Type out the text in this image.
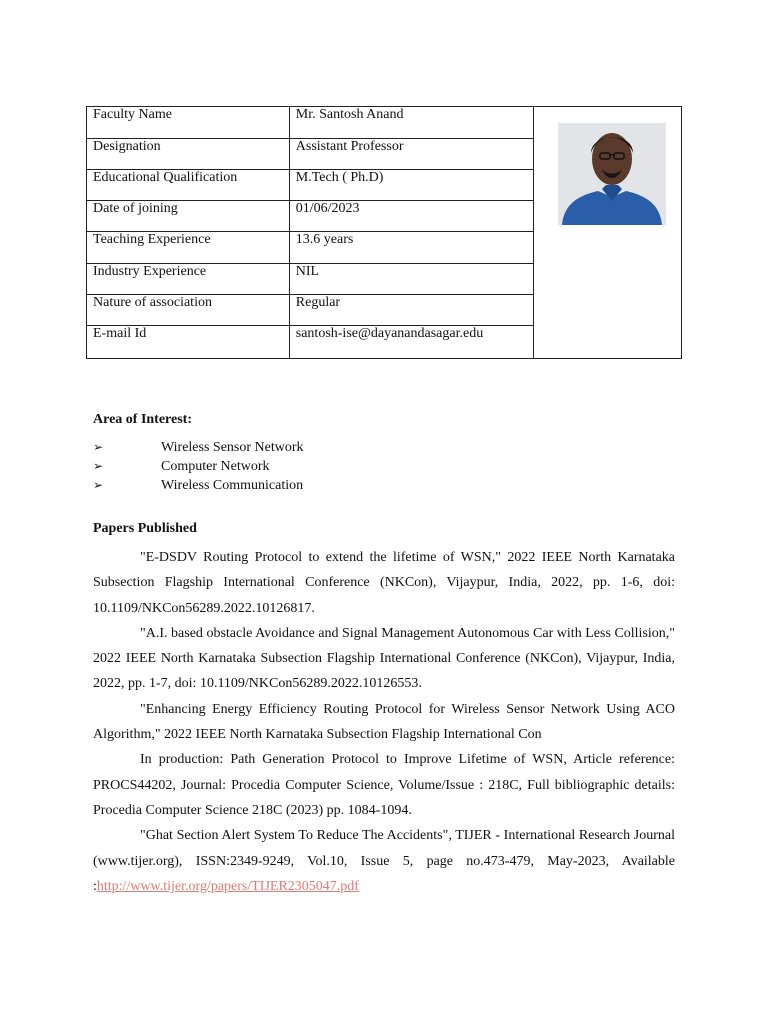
Faculty Name	Mr. Santosh Anand	

Designation	Assistant Professor	
Educational Qualification	M.Tech ( Ph.D)	
Date of joining	01/06/2023	
Teaching Experience	13.6 years	
Industry Experience	NIL	
Nature of association	Regular	
E-mail Id	santosh-ise@dayanandasagar.edu	
Area of Interest:
➢	Wireless Sensor Network
➢	Computer Network
➢	Wireless Communication
Papers Published

"E-DSDV Routing Protocol to extend the lifetime of WSN," 2022 IEEE North Karnataka Subsection Flagship International Conference (NKCon), Vijaypur, India, 2022, pp. 1-6, doi: 10.1109/NKCon56289.2022.10126817.

"A.I. based obstacle Avoidance and Signal Management Autonomous Car with Less Collision," 2022 IEEE North Karnataka Subsection Flagship International Conference (NKCon), Vijaypur, India, 2022, pp. 1-7, doi: 10.1109/NKCon56289.2022.10126553.

"Enhancing Energy Efficiency Routing Protocol for Wireless Sensor Network Using ACO Algorithm," 2022 IEEE North Karnataka Subsection Flagship International Con

In production: Path Generation Protocol to Improve Lifetime of WSN, Article reference: PROCS44202, Journal: Procedia Computer Science, Volume/Issue : 218C, Full bibliographic details: Procedia Computer Science 218C (2023) pp. 1084-1094.

"Ghat Section Alert System To Reduce The Accidents", TIJER - International Research Journal (www.tijer.org), ISSN:2349-9249, Vol.10, Issue 5, page no.473-479, May-2023, Available :http://www.tijer.org/papers/TIJER2305047.pdf
